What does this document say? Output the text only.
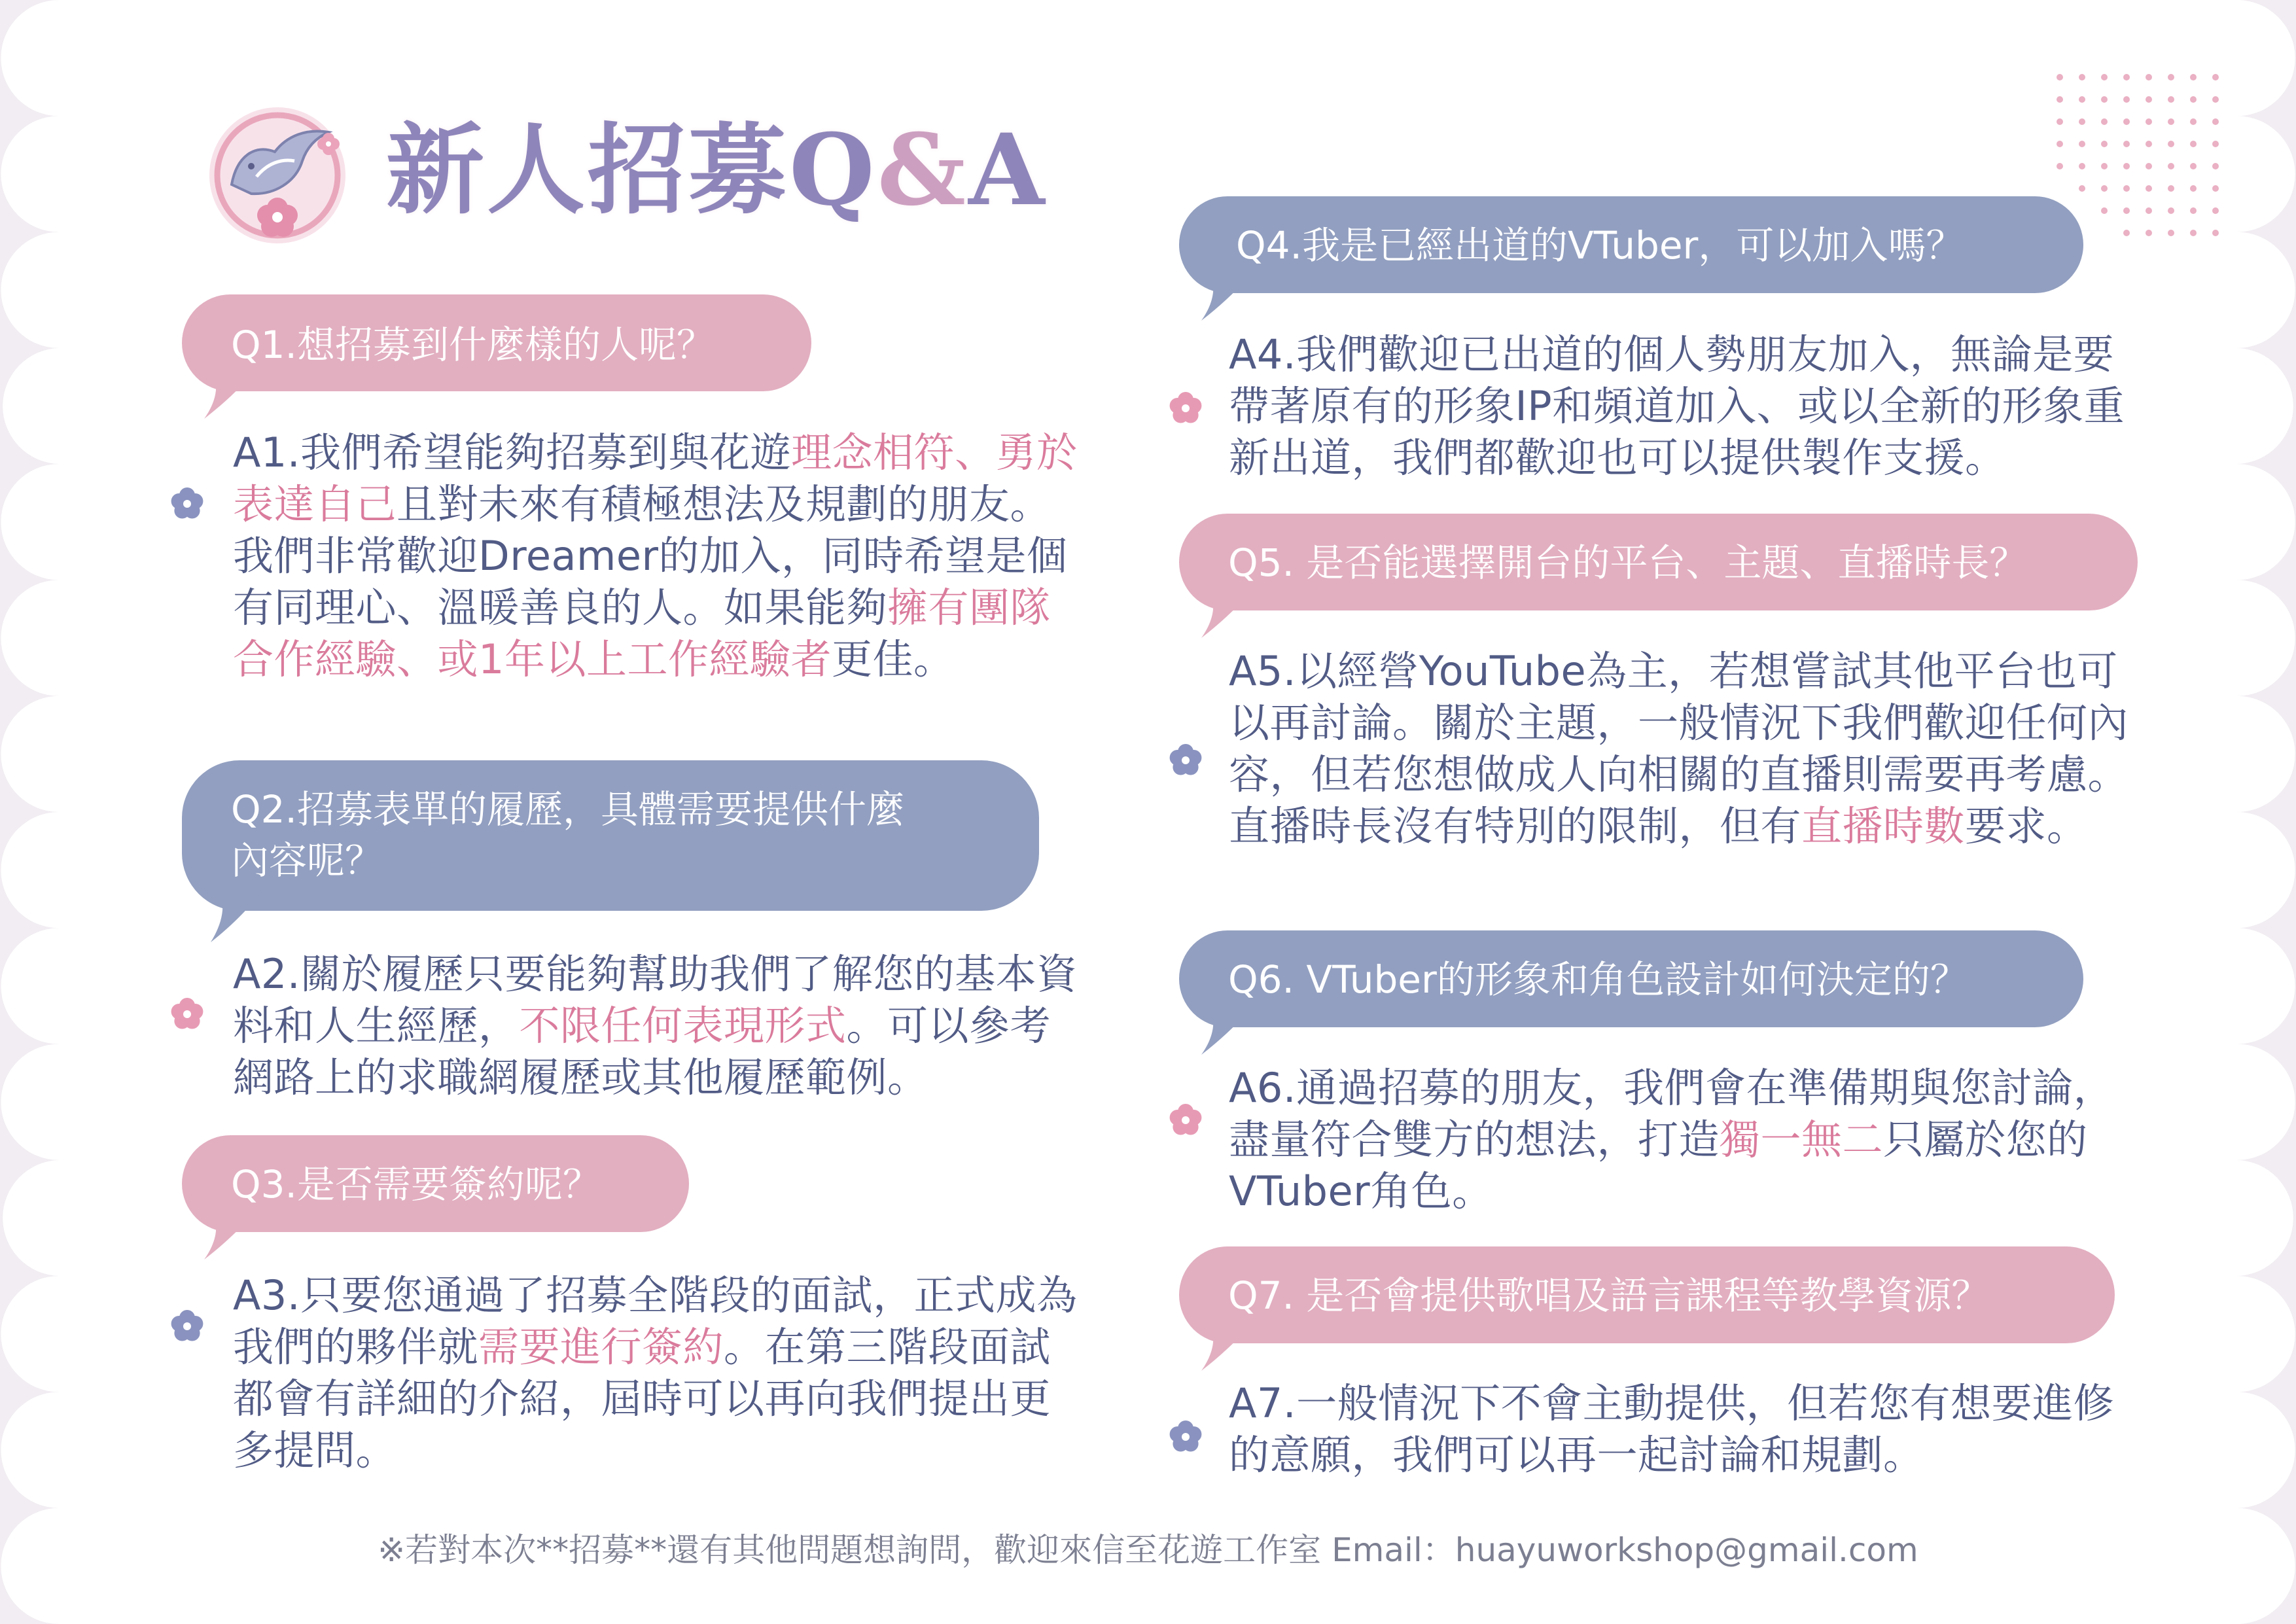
新人招募Q&A
Q1.想招募到什麼樣的人呢？
A1.我們希望能夠招募到與花遊理念相符、勇於表達自己且對未來有積極想法及規劃的朋友。我們非常歡迎Dreamer的加入，同時希望是個有同理心、溫暖善良的人。如果能夠擁有團隊合作經驗、或1年以上工作經驗者更佳。
Q2.招募表單的履歷，具體需要提供什麼
內容呢？
A2.關於履歷只要能夠幫助我們了解您的基本資料和人生經歷，不限任何表現形式。可以參考網路上的求職網履歷或其他履歷範例。
Q3.是否需要簽約呢？
A3.只要您通過了招募全階段的面試，正式成為我們的夥伴就需要進行簽約。在第三階段面試都會有詳細的介紹，屆時可以再向我們提出更多提問。
Q4.我是已經出道的VTuber，可以加入嗎？
A4.我們歡迎已出道的個人勢朋友加入，無論是要帶著原有的形象IP和頻道加入、或以全新的形象重新出道，我們都歡迎也可以提供製作支援。
Q5. 是否能選擇開台的平台、主題、直播時長？
A5.以經營YouTube為主，若想嘗試其他平台也可以再討論。關於主題，一般情況下我們歡迎任何內容，但若您想做成人向相關的直播則需要再考慮。直播時長沒有特別的限制，但有直播時數要求。
Q6. VTuber的形象和角色設計如何決定的？
A6.通過招募的朋友，我們會在準備期與您討論，盡量符合雙方的想法，打造獨一無二只屬於您的VTuber角色。
Q7. 是否會提供歌唱及語言課程等教學資源？
A7.一般情況下不會主動提供，但若您有想要進修的意願，我們可以再一起討論和規劃。
※若對本次**招募**還有其他問題想詢問，歡迎來信至花遊工作室 Email：huayuworkshop@gmail.com
